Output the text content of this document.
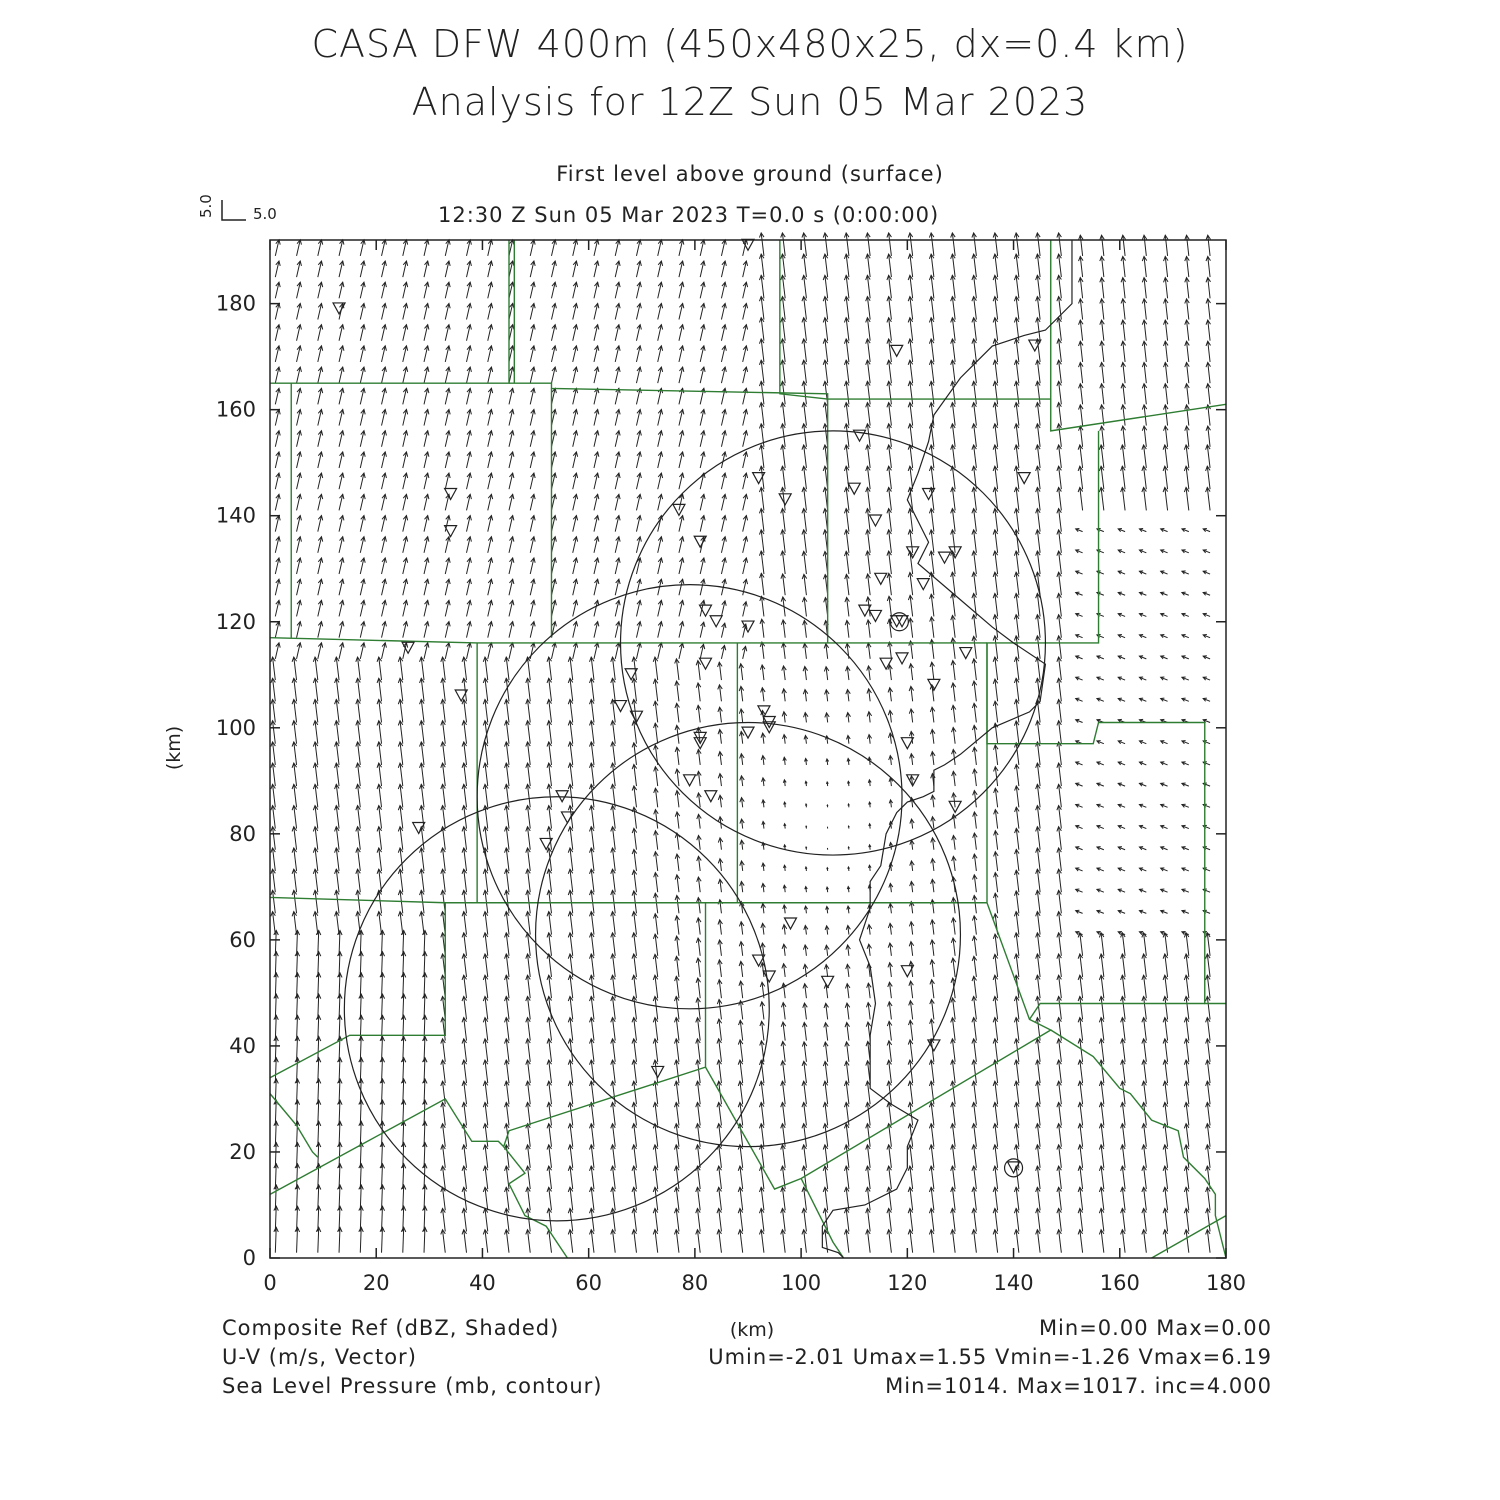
CASA DFW 400m (450x480x25, dx=0.4 km)
Analysis for 12Z Sun 05 Mar 2023
First level above ground (surface)
12:30 Z Sun 05 Mar 2023 T=0.0 s (0:00:00)
5.0
5.0
0	20	40	60	80	100	120	140	160	180
0
20
40
60
80
100
120
140
160
180
(km)
(km)
Composite Ref (dBZ, Shaded)	Min=0.00 Max=0.00
U-V (m/s, Vector)	Umin=-2.01 Umax=1.55 Vmin=-1.26 Vmax=6.19
Sea Level Pressure (mb, contour)	Min=1014. Max=1017. inc=4.000
